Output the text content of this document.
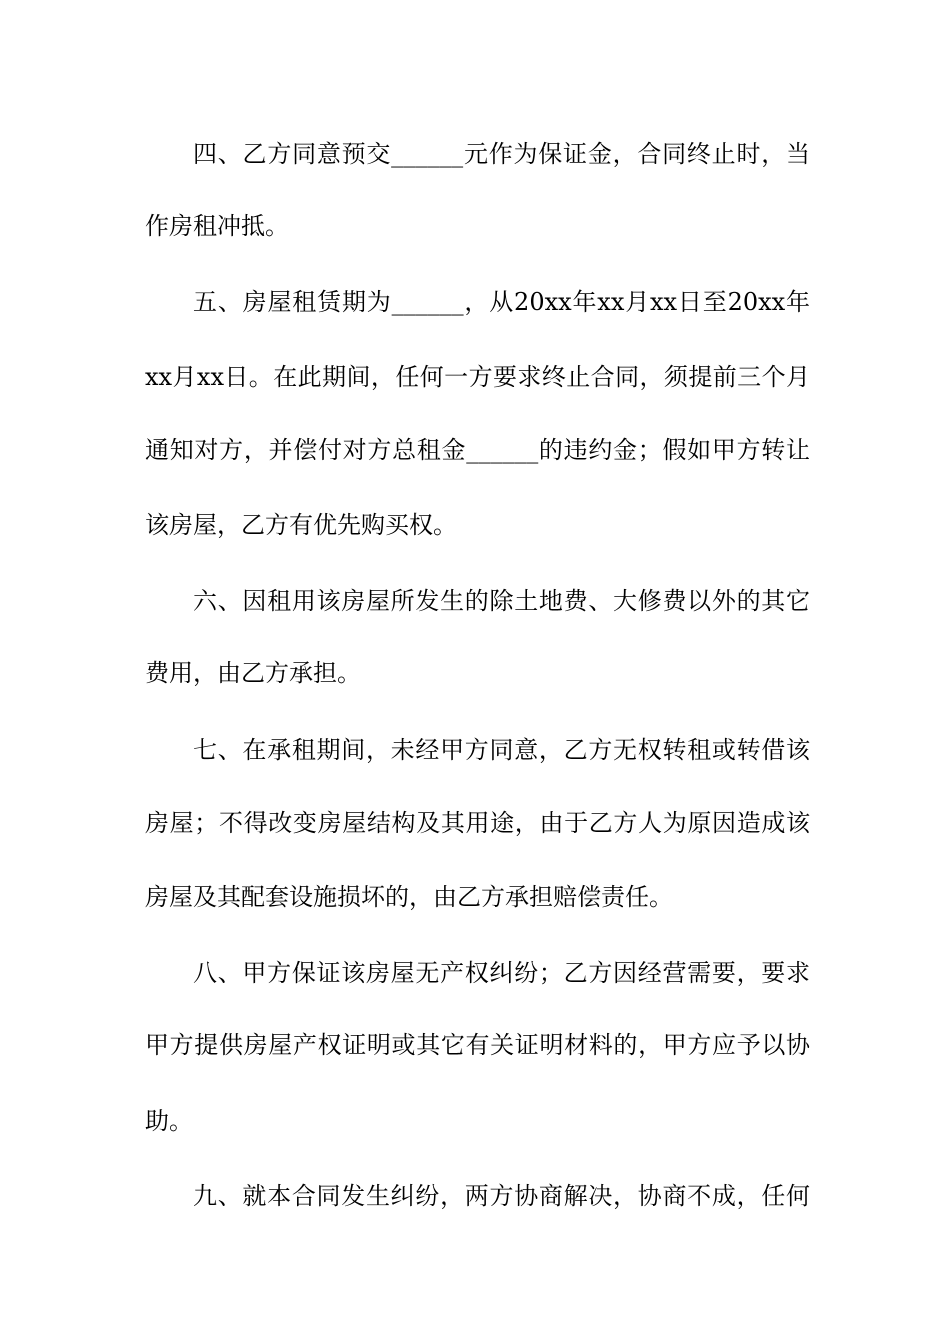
四、乙方同意预交______元作为保证金，合同终止时，当
作房租冲抵。
五、房屋租赁期为______，从20xx年xx月xx日至20xx年
xx月xx日。在此期间，任何一方要求终止合同，须提前三个月
通知对方，并偿付对方总租金______的违约金；假如甲方转让
该房屋，乙方有优先购买权。
六、因租用该房屋所发生的除土地费、大修费以外的其它
费用，由乙方承担。
七、在承租期间，未经甲方同意，乙方无权转租或转借该
房屋；不得改变房屋结构及其用途，由于乙方人为原因造成该
房屋及其配套设施损坏的，由乙方承担赔偿责任。
八、甲方保证该房屋无产权纠纷；乙方因经营需要，要求
甲方提供房屋产权证明或其它有关证明材料的，甲方应予以协
助。
九、就本合同发生纠纷，两方协商解决，协商不成，任何
